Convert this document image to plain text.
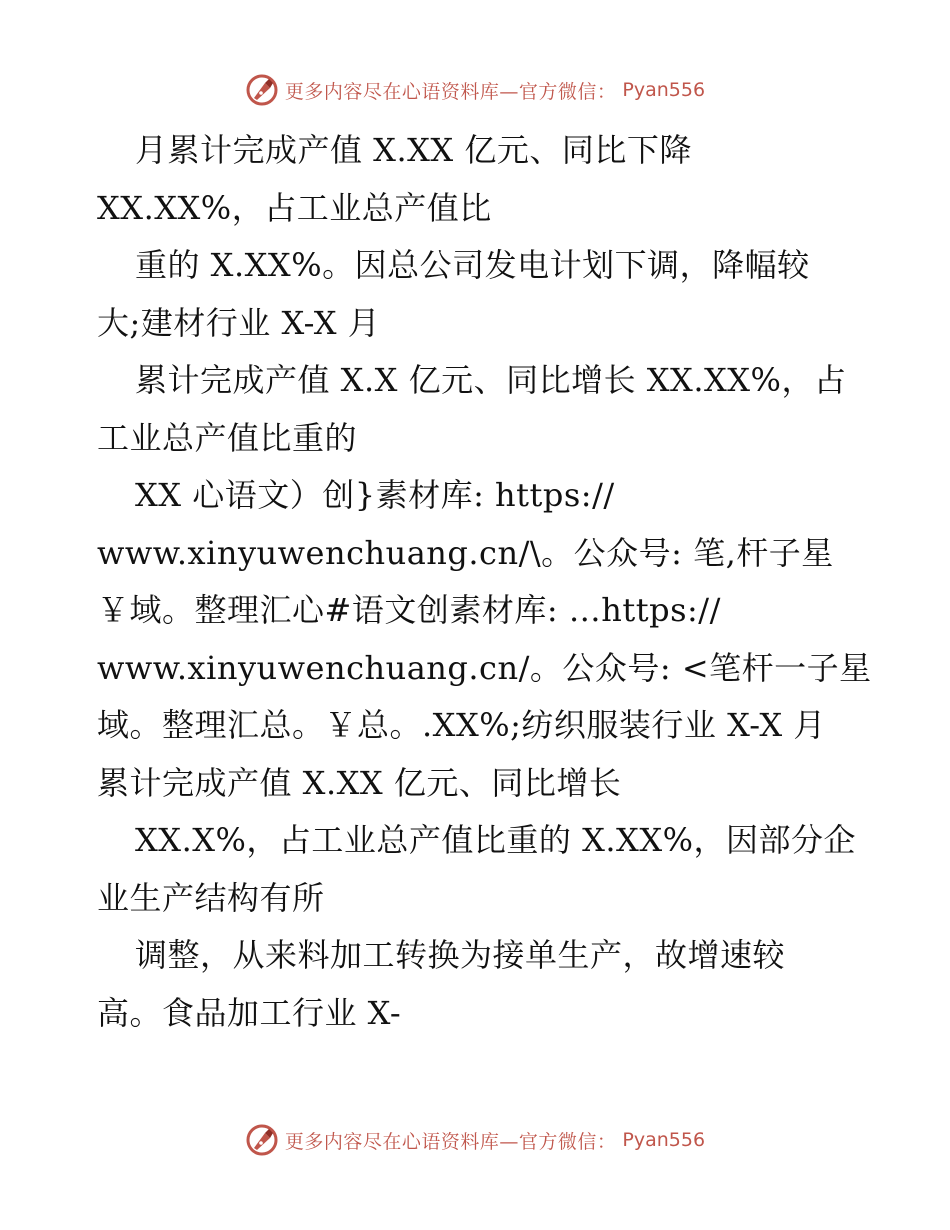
更多内容尽在心语资料库—官方微信： Pyan556
月累计完成产值 X.XX 亿元、同比下降
XX.XX%，占工业总产值比
重的 X.XX%。因总公司发电计划下调，降幅较
大;建材行业 X-X 月
累计完成产值 X.X 亿元、同比增长 XX.XX%，占
工业总产值比重的
XX 心语文）创}素材库: https://
www.xinyuwenchuang.cn/\。公众号: 笔,杆子星
￥域。整理汇心#语文创素材库: …https://
www.xinyuwenchuang.cn/。公众号: <笔杆一子星
域。整理汇总。￥总。.XX%;纺织服装行业 X-X 月
累计完成产值 X.XX 亿元、同比增长
XX.X%，占工业总产值比重的 X.XX%，因部分企
业生产结构有所
调整，从来料加工转换为接单生产，故增速较
高。食品加工行业 X-
更多内容尽在心语资料库—官方微信： Pyan556
